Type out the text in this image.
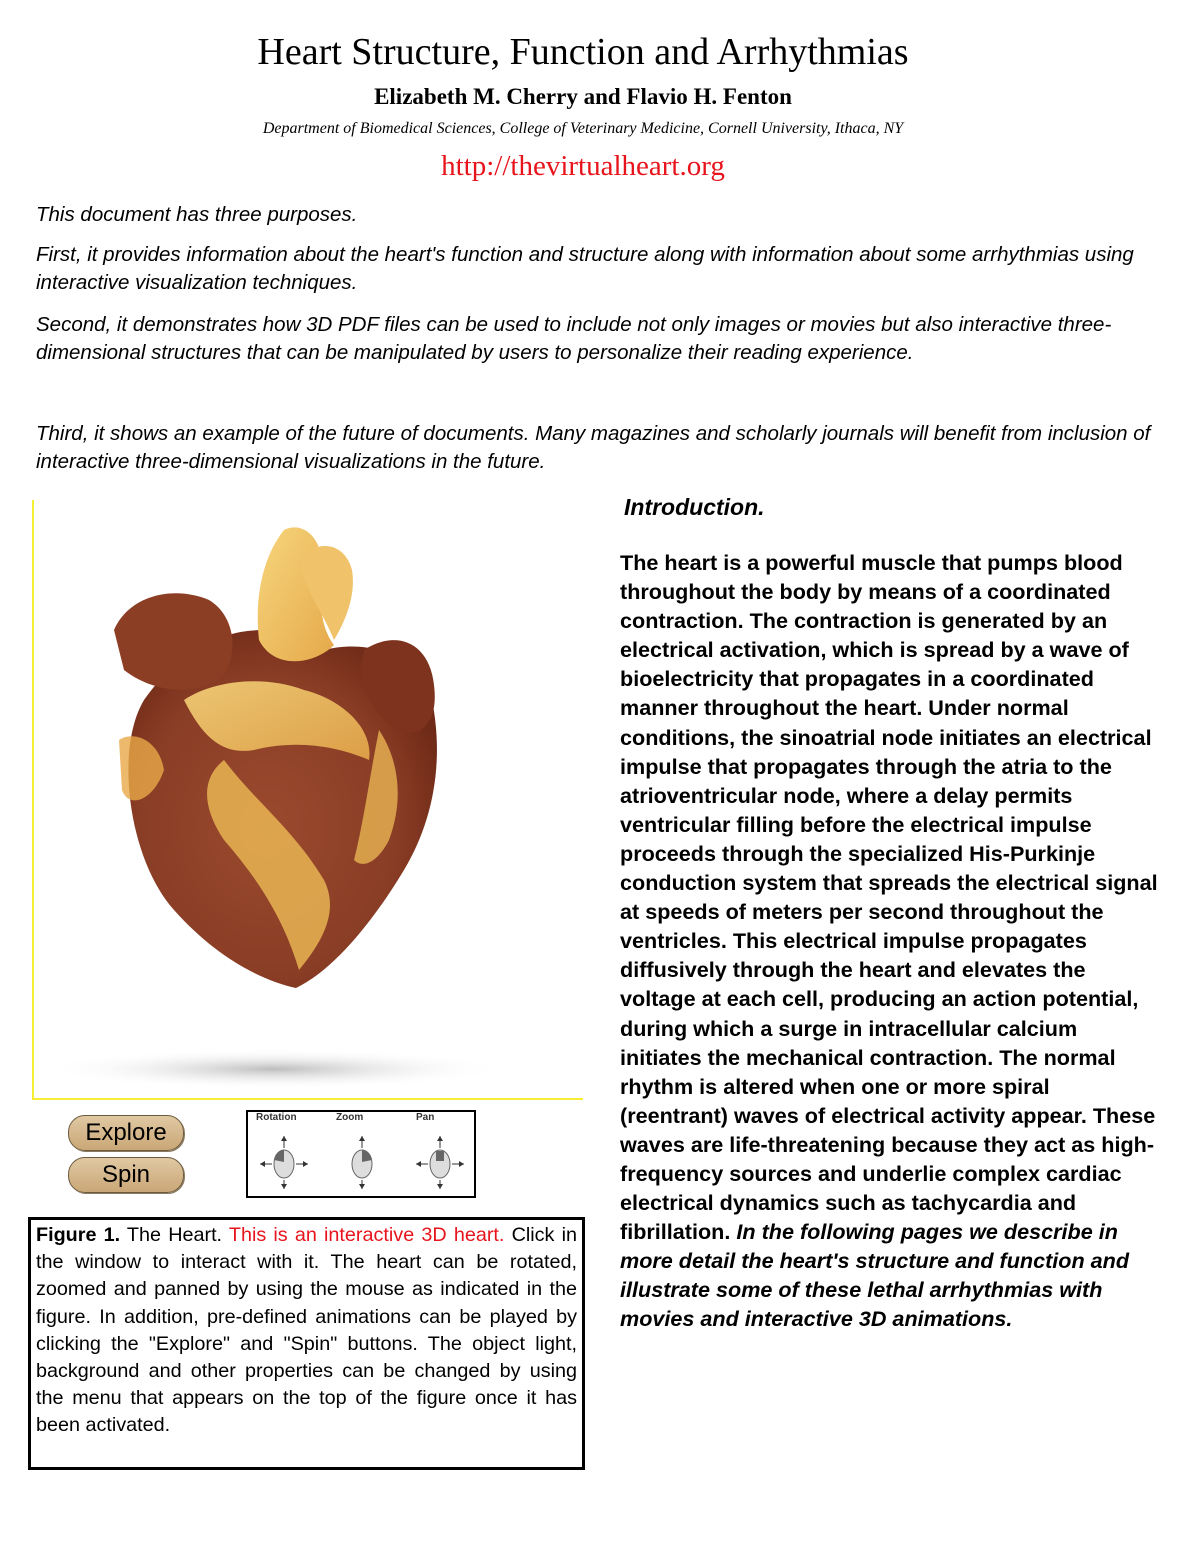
Heart Structure, Function and Arrhythmias
Elizabeth M. Cherry and Flavio H. Fenton
Department of Biomedical Sciences, College of Veterinary Medicine, Cornell University, Ithaca, NY
http://thevirtualheart.org

This document has three purposes.

First, it provides information about the heart's function and structure along with information about some arrhythmias using interactive visualization techniques.

Second, it demonstrates how 3D PDF files can be used to include not only images or movies but also interactive three-dimensional structures that can be manipulated by users to personalize their reading experience.

Third, it shows an example of the future of documents. Many magazines and scholarly journals will benefit from inclusion of interactive three-dimensional visualizations in the future.

Explore
Spin
Rotation	Zoom	Pan
Figure 1. The Heart. This is an interactive 3D heart. Click in the window to interact with it. The heart can be rotated, zoomed and panned by using the mouse as indicated in the figure. In addition, pre-defined animations can be played by clicking the "Explore" and "Spin" buttons. The object light, background and other properties can be changed by using the menu that appears on the top of the figure once it has been activated.
Introduction.
The heart is a powerful muscle that pumps blood throughout the body by means of a coordinated contraction. The contraction is generated by an electrical activation, which is spread by a wave of bioelectricity that propagates in a coordinated manner throughout the heart. Under normal conditions, the sinoatrial node initiates an electrical impulse that propagates through the atria to the atrioventricular node, where a delay permits ventricular filling before the electrical impulse proceeds through the specialized His-Purkinje conduction system that spreads the electrical signal at speeds of meters per second throughout the ventricles. This electrical impulse propagates diffusively through the heart and elevates the voltage at each cell, producing an action potential, during which a surge in intracellular calcium initiates the mechanical contraction. The normal rhythm is altered when one or more spiral (reentrant) waves of electrical activity appear. These waves are life-threatening because they act as high-frequency sources and underlie complex cardiac electrical dynamics such as tachycardia and fibrillation. In the following pages we describe in more detail the heart's structure and function and illustrate some of these lethal arrhythmias with movies and interactive 3D animations.
